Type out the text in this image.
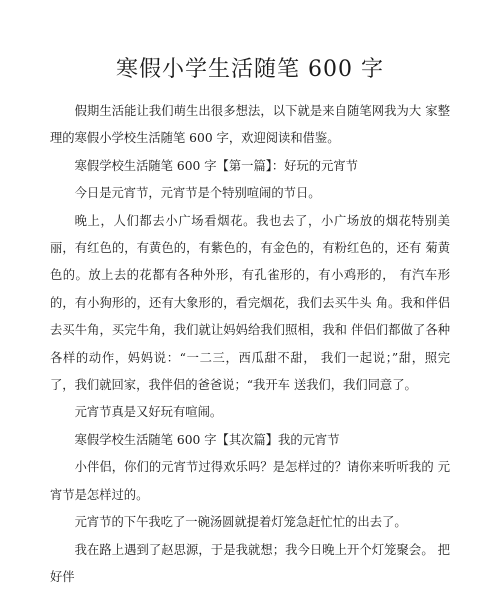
寒假小学生活随笔 600 字

假期生活能让我们萌生出很多想法，以下就是来自随笔网我为大 家整理的寒假小学校生活随笔 600 字，欢迎阅读和借鉴。

寒假学校生活随笔 600 字【第一篇】：好玩的元宵节

今日是元宵节，元宵节是个特别喧闹的节日。

晚上，人们都去小广场看烟花。我也去了，小广场放的烟花特别美 丽，有红色的，有黄色的，有紫色的，有金色的，有粉红色的，还有 菊黄色的。放上去的花都有各种外形，有孔雀形的，有小鸡形的， 有汽车形的，有小狗形的，还有大象形的，看完烟花，我们去买牛头 角。我和伴侣去买牛角，买完牛角，我们就让妈妈给我们照相，我和 伴侣们都做了各种各样的动作，妈妈说：“一二三，西瓜甜不甜， 我们一起说；”甜，照完了，我们就回家，我伴侣的爸爸说；“我开车 送我们，我们同意了。

元宵节真是又好玩有喧闹。

寒假学校生活随笔 600 字【其次篇】我的元宵节

小伴侣，你们的元宵节过得欢乐吗？是怎样过的？请你来听听我的 元宵节是怎样过的。

元宵节的下午我吃了一碗汤圆就提着灯笼急赶忙忙的出去了。

我在路上遇到了赵思源，于是我就想；我今日晚上开个灯笼聚会。 把好伴
